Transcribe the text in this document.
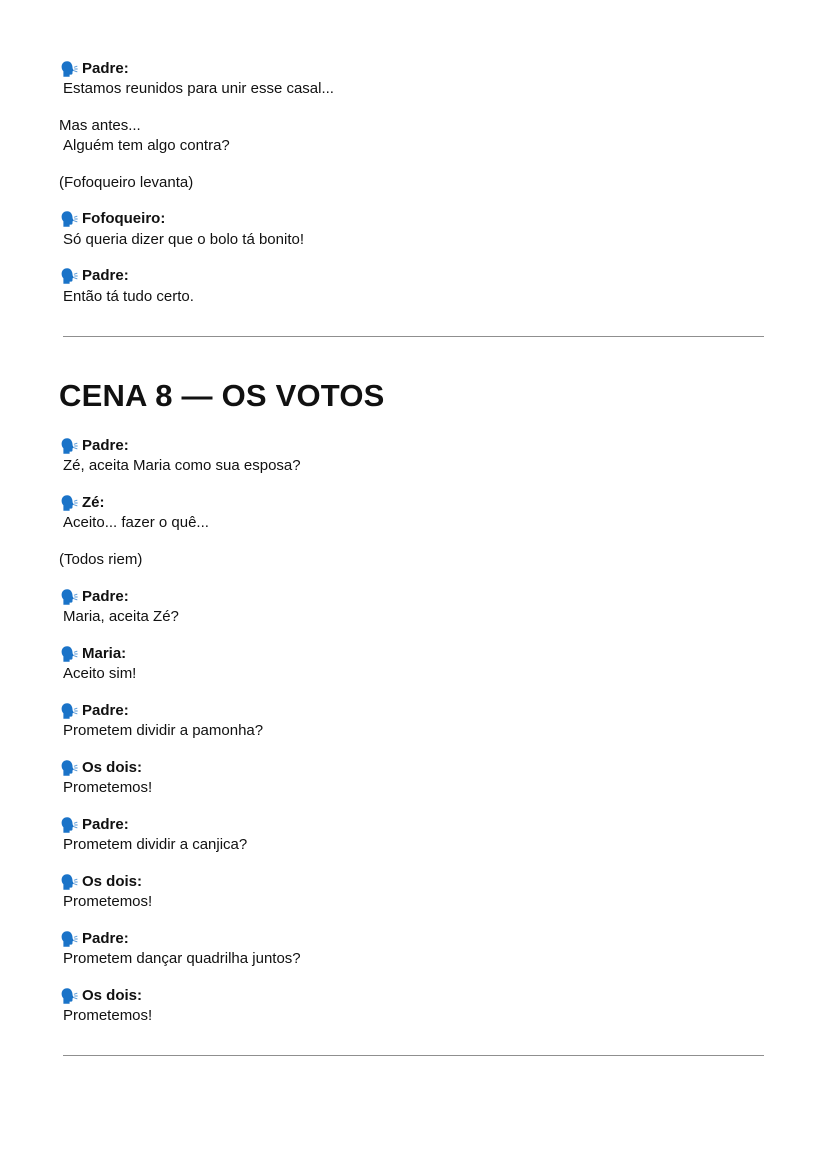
Padre:
Estamos reunidos para unir esse casal...
Mas antes...
Alguém tem algo contra?
(Fofoqueiro levanta)
Fofoqueiro:
Só queria dizer que o bolo tá bonito!
Padre:
Então tá tudo certo.
CENA 8 — OS VOTOS
Padre:
Zé, aceita Maria como sua esposa?
Zé:
Aceito... fazer o quê...
(Todos riem)
Padre:
Maria, aceita Zé?
Maria:
Aceito sim!
Padre:
Prometem dividir a pamonha?
Os dois:
Prometemos!
Padre:
Prometem dividir a canjica?
Os dois:
Prometemos!
Padre:
Prometem dançar quadrilha juntos?
Os dois:
Prometemos!
